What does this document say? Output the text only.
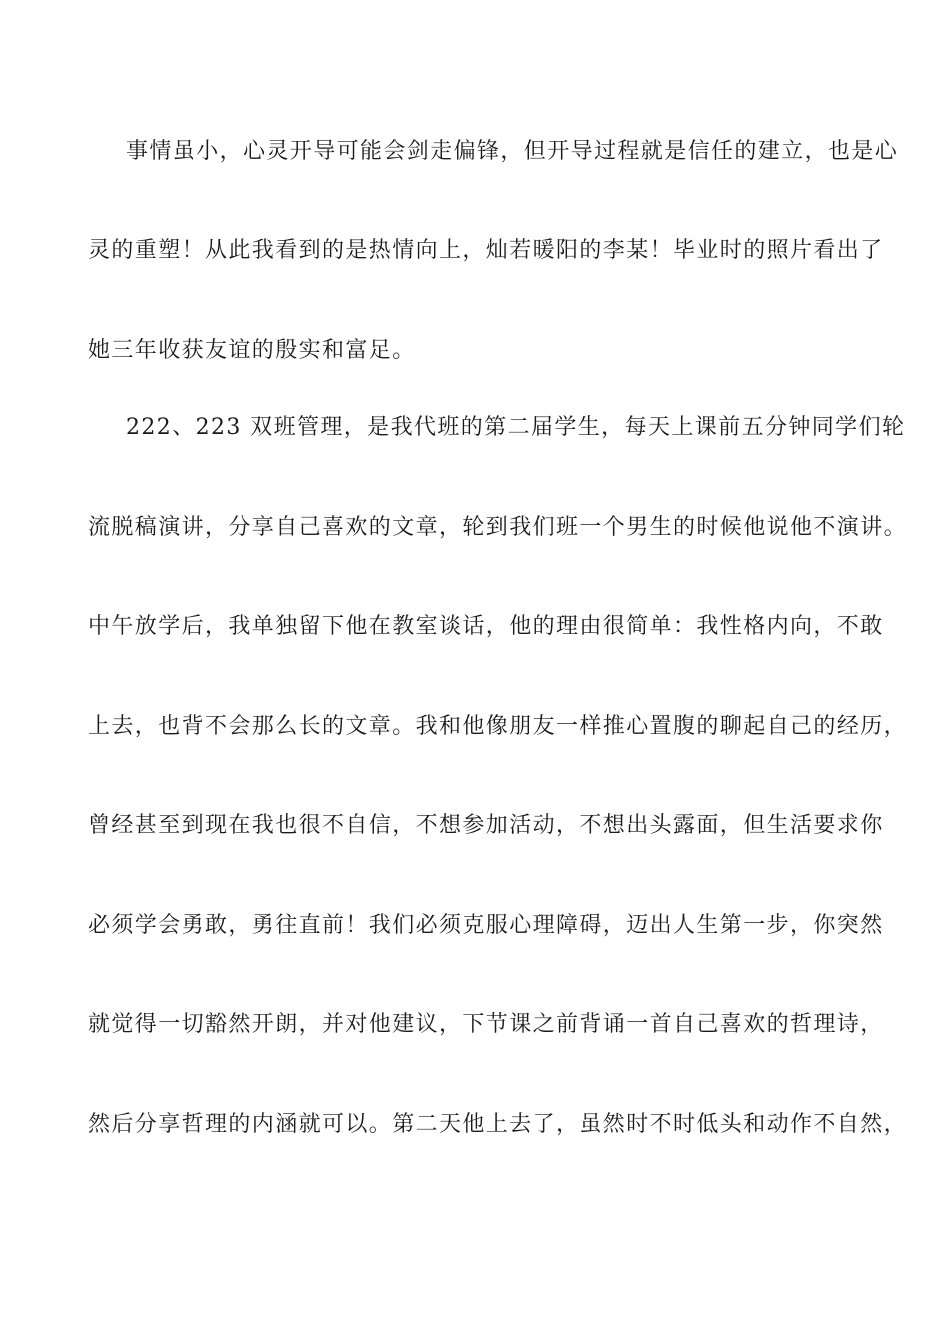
事情虽小，心灵开导可能会剑走偏锋，但开导过程就是信任的建立，也是心
灵的重塑！从此我看到的是热情向上，灿若暖阳的李某！毕业时的照片看出了
她三年收获友谊的殷实和富足。
222、223 双班管理，是我代班的第二届学生，每天上课前五分钟同学们轮
流脱稿演讲，分享自己喜欢的文章，轮到我们班一个男生的时候他说他不演讲。
中午放学后，我单独留下他在教室谈话，他的理由很简单：我性格内向，不敢
上去，也背不会那么长的文章。我和他像朋友一样推心置腹的聊起自己的经历，
曾经甚至到现在我也很不自信，不想参加活动，不想出头露面，但生活要求你
必须学会勇敢，勇往直前！我们必须克服心理障碍，迈出人生第一步，你突然
就觉得一切豁然开朗，并对他建议，下节课之前背诵一首自己喜欢的哲理诗，
然后分享哲理的内涵就可以。第二天他上去了，虽然时不时低头和动作不自然，
